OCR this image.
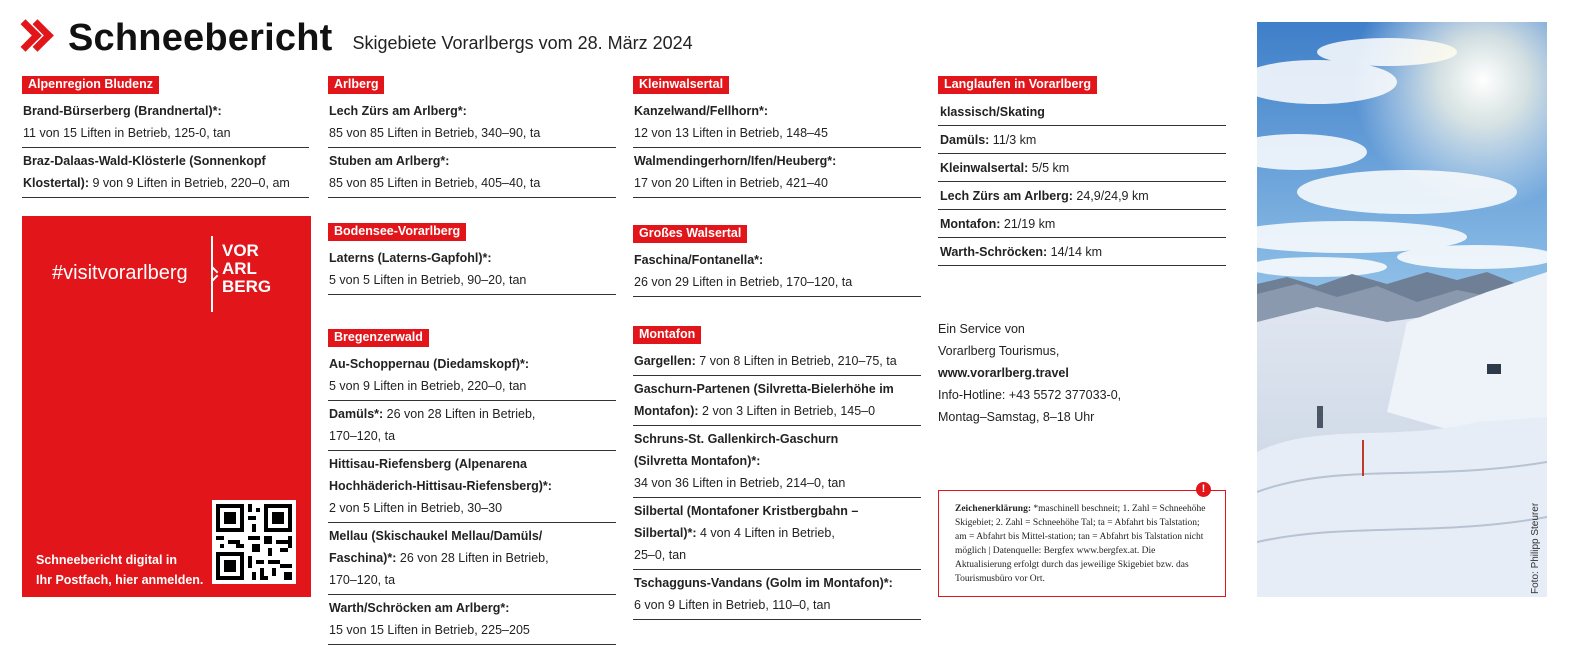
Schneebericht Skigebiete Vorarlbergs vom 28. März 2024
Alpenregion Bludenz
Brand-Bürserberg (Brandnertal)*:
11 von 15 Liften in Betrieb, 125-0, tan
Braz-Dalaas-Wald-Klösterle (Sonnenkopf
Klostertal): 9 von 9 Liften in Betrieb, 220–0, am
#visitvorarlberg
VOR
ARL
BERG
Schneebericht digital in
Ihr Postfach, hier anmelden.
Arlberg
Lech Zürs am Arlberg*:
85 von 85 Liften in Betrieb, 340–90, ta
Stuben am Arlberg*:
85 von 85 Liften in Betrieb, 405–40, ta
Bodensee-Vorarlberg
Laterns (Laterns-Gapfohl)*:
5 von 5 Liften in Betrieb, 90–20, tan
Bregenzerwald
Au-Schoppernau (Diedamskopf)*:
5 von 9 Liften in Betrieb, 220–0, tan
Damüls*: 26 von 28 Liften in Betrieb,
170–120, ta
Hittisau-Riefensberg (Alpenarena
Hochhäderich-Hittisau-Riefensberg)*:
2 von 5 Liften in Betrieb, 30–30
Mellau (Skischaukel Mellau/Damüls/
Faschina)*: 26 von 28 Liften in Betrieb,
170–120, ta
Warth/Schröcken am Arlberg*:
15 von 15 Liften in Betrieb, 225–205
Kleinwalsertal
Kanzelwand/Fellhorn*:
12 von 13 Liften in Betrieb, 148–45
Walmendingerhorn/Ifen/Heuberg*:
17 von 20 Liften in Betrieb, 421–40
Großes Walsertal
Faschina/Fontanella*:
26 von 29 Liften in Betrieb, 170–120, ta
Montafon
Gargellen: 7 von 8 Liften in Betrieb, 210–75, ta
Gaschurn-Partenen (Silvretta-Bielerhöhe im
Montafon): 2 von 3 Liften in Betrieb, 145–0
Schruns-St. Gallenkirch-Gaschurn
(Silvretta Montafon)*:
34 von 36 Liften in Betrieb, 214–0, tan
Silbertal (Montafoner Kristbergbahn –
Silbertal)*: 4 von 4 Liften in Betrieb,
25–0, tan
Tschagguns-Vandans (Golm im Montafon)*:
6 von 9 Liften in Betrieb, 110–0, tan
Langlaufen in Vorarlberg
klassisch/Skating
Damüls: 11/3 km
Kleinwalsertal: 5/5 km
Lech Zürs am Arlberg: 24,9/24,9 km
Montafon: 21/19 km
Warth-Schröcken: 14/14 km
Ein Service von
Vorarlberg Tourismus,
www.vorarlberg.travel
Info-Hotline: +43 5572 377033-0,
Montag–Samstag, 8–18 Uhr
!
Zeichenerklärung: *maschinell beschneit; 1. Zahl = Schneehöhe Skigebiet; 2. Zahl = Schneehöhe Tal; ta = Abfahrt bis Talstation; am = Abfahrt bis Mittel-station; tan = Abfahrt bis Talstation nicht möglich | Datenquelle: Bergfex www.bergfex.at. Die Aktualisierung erfolgt durch das jeweilige Skigebiet bzw. das Tourismusbüro vor Ort.	Foto: Philipp Steurer
